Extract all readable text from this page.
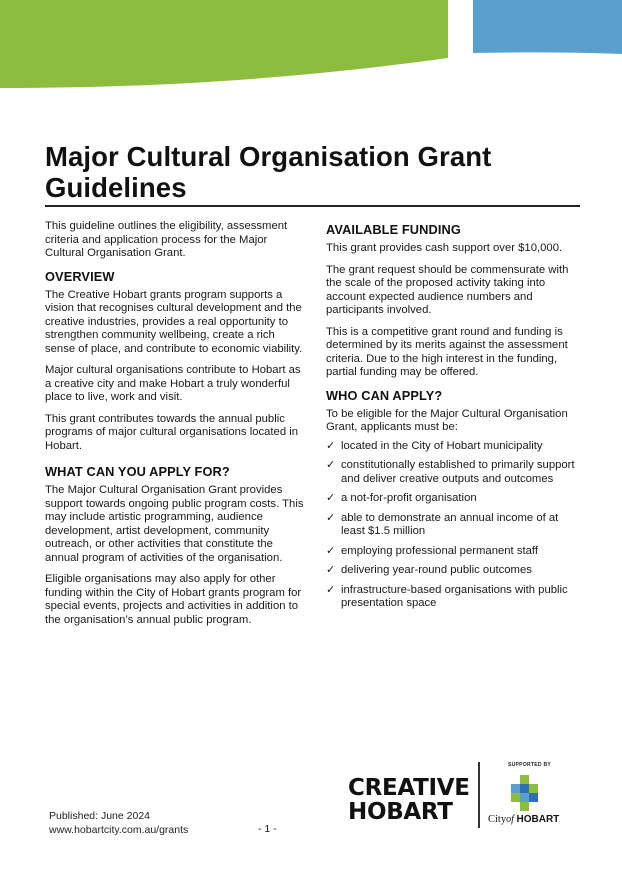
Major Cultural Organisation Grant Guidelines

This guideline outlines the eligibility, assessment criteria and application process for the Major Cultural Organisation Grant.

OVERVIEW

The Creative Hobart grants program supports a vision that recognises cultural development and the creative industries, provides a real opportunity to strengthen community wellbeing, create a rich sense of place, and contribute to economic viability.

Major cultural organisations contribute to Hobart as a creative city and make Hobart a truly wonderful place to live, work and visit.

This grant contributes towards the annual public programs of major cultural organisations located in Hobart.

WHAT CAN YOU APPLY FOR?

The Major Cultural Organisation Grant provides support towards ongoing public program costs. This may include artistic programming, audience development, artist development, community outreach, or other activities that constitute the annual program of activities of the organisation.

Eligible organisations may also apply for other funding within the City of Hobart grants program for special events, projects and activities in addition to the organisation’s annual public program.

AVAILABLE FUNDING

This grant provides cash support over $10,000.

The grant request should be commensurate with the scale of the proposed activity taking into account expected audience numbers and participants involved.

This is a competitive grant round and funding is determined by its merits against the assessment criteria. Due to the high interest in the funding, partial funding may be offered.

WHO CAN APPLY?

To be eligible for the Major Cultural Organisation Grant, applicants must be:

✓ located in the City of Hobart municipality
✓ constitutionally established to primarily support and deliver creative outputs and outcomes
✓ a not-for-profit organisation
✓ able to demonstrate an annual income of at least $1.5 million
✓ employing professional permanent staff
✓ delivering year-round public outcomes
✓ infrastructure-based organisations with public presentation space
Published: June 2024
www.hobartcity.com.au/grants	- 1 -
CREATIVE
HOBART
SUPPORTED BY
Cityof HOBART
